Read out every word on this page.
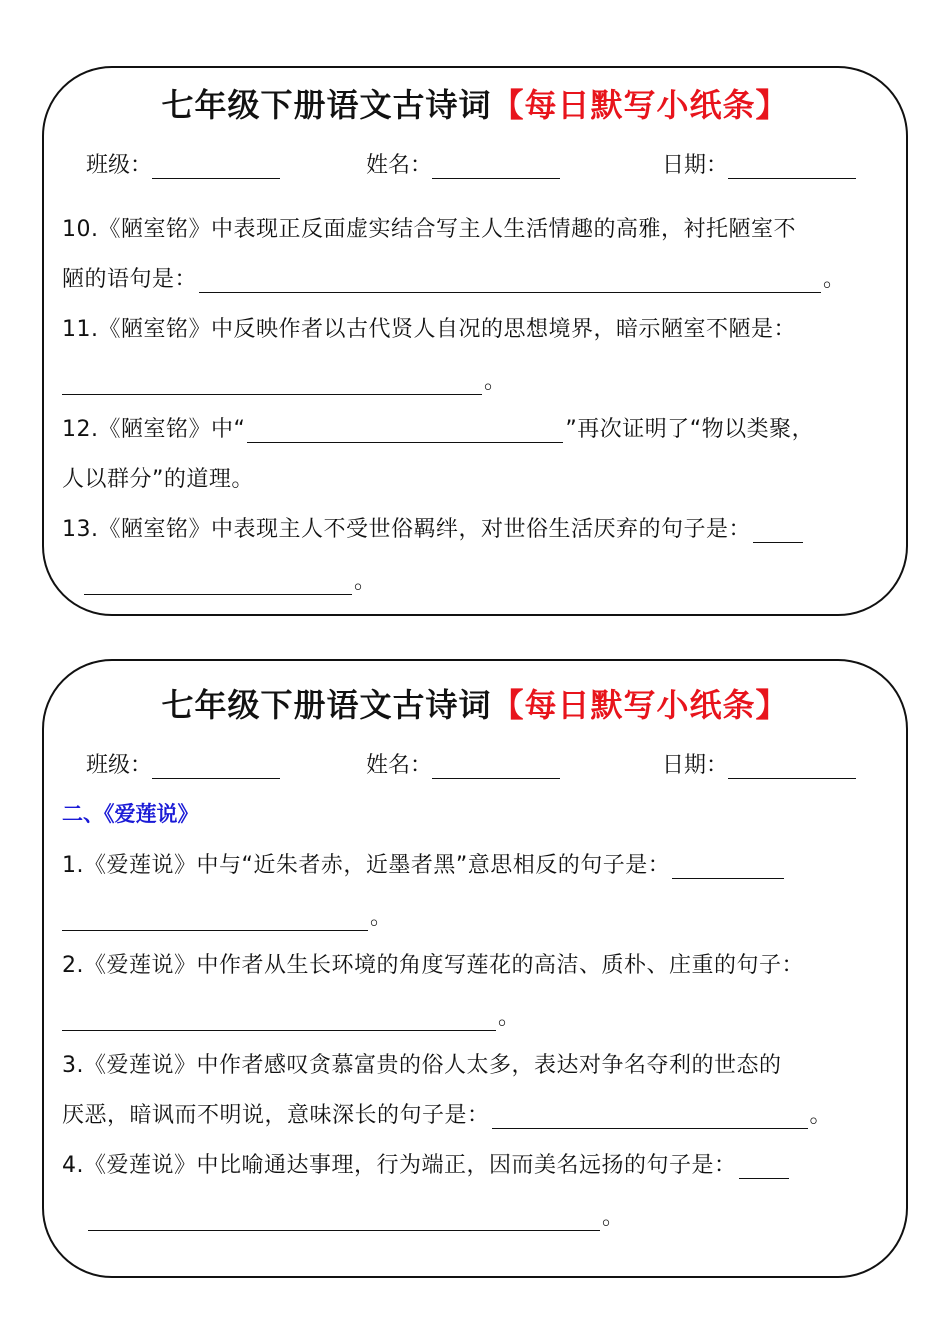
七年级下册语文古诗词【每日默写小纸条】
班级：	姓名：	日期：
10.《陋室铭》中表现正反面虚实结合写主人生活情趣的高雅，衬托陋室不
陋的语句是：	。
11.《陋室铭》中反映作者以古代贤人自况的思想境界，暗示陋室不陋是：
。
12.《陋室铭》中“	”再次证明了“物以类聚，
人以群分”的道理。
13.《陋室铭》中表现主人不受世俗羁绊，对世俗生活厌弃的句子是：
。
七年级下册语文古诗词【每日默写小纸条】
班级：	姓名：	日期：
二、《爱莲说》
1.《爱莲说》中与“近朱者赤，近墨者黑”意思相反的句子是：
。
2.《爱莲说》中作者从生长环境的角度写莲花的高洁、质朴、庄重的句子：
。
3.《爱莲说》中作者感叹贪慕富贵的俗人太多，表达对争名夺利的世态的
厌恶，暗讽而不明说，意味深长的句子是：	。
4.《爱莲说》中比喻通达事理，行为端正，因而美名远扬的句子是：
。
